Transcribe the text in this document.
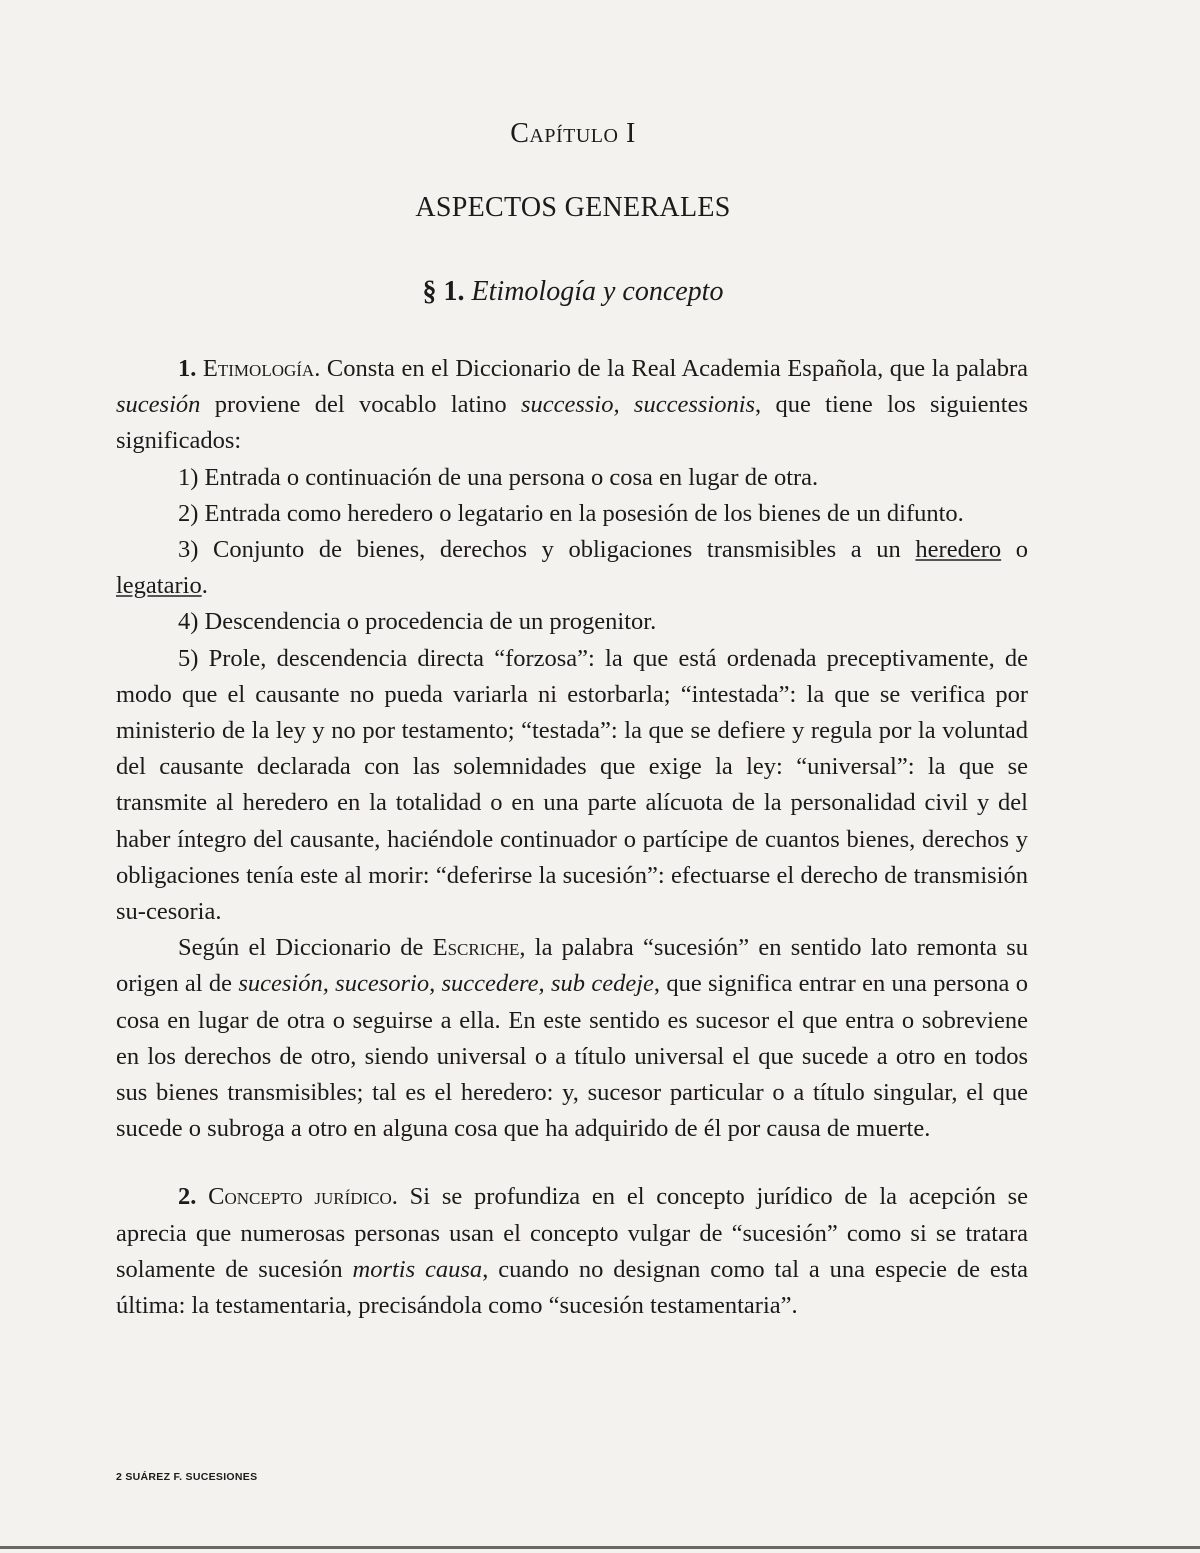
Capítulo I
ASPECTOS GENERALES
§ 1. Etimología y concepto

1. Etimología. Consta en el Diccionario de la Real Academia Española, que la palabra sucesión proviene del vocablo latino successio, successionis, que tiene los siguientes significados:

1) Entrada o continuación de una persona o cosa en lugar de otra.

2) Entrada como heredero o legatario en la posesión de los bienes de un difunto.

3) Conjunto de bienes, derechos y obligaciones transmisibles a un heredero o legatario.

4) Descendencia o procedencia de un progenitor.

5) Prole, descendencia directa “forzosa”: la que está ordenada preceptivamente, de modo que el causante no pueda variarla ni estorbarla; “intestada”: la que se verifica por ministerio de la ley y no por testamento; “testada”: la que se defiere y regula por la voluntad del causante declarada con las solemnidades que exige la ley: “universal”: la que se transmite al heredero en la totalidad o en una parte alícuota de la personalidad civil y del haber íntegro del causante, haciéndole continuador o partícipe de cuantos bienes, derechos y obligaciones tenía este al morir: “deferirse la sucesión”: efectuarse el derecho de transmisión su-cesoria.

Según el Diccionario de Escriche, la palabra “sucesión” en sentido lato remonta su origen al de sucesión, sucesorio, succedere, sub cedeje, que significa entrar en una persona o cosa en lugar de otra o seguirse a ella. En este sentido es sucesor el que entra o sobreviene en los derechos de otro, siendo universal o a título universal el que sucede a otro en todos sus bienes transmisibles; tal es el heredero: y, sucesor particular o a título singular, el que sucede o subroga a otro en alguna cosa que ha adquirido de él por causa de muerte.

2. Concepto jurídico. Si se profundiza en el concepto jurídico de la acepción se aprecia que numerosas personas usan el concepto vulgar de “sucesión” como si se tratara solamente de sucesión mortis causa, cuando no designan como tal a una especie de esta última: la testamentaria, precisándola como “sucesión testamentaria”.

2 SUÁREZ F. SUCESIONES
